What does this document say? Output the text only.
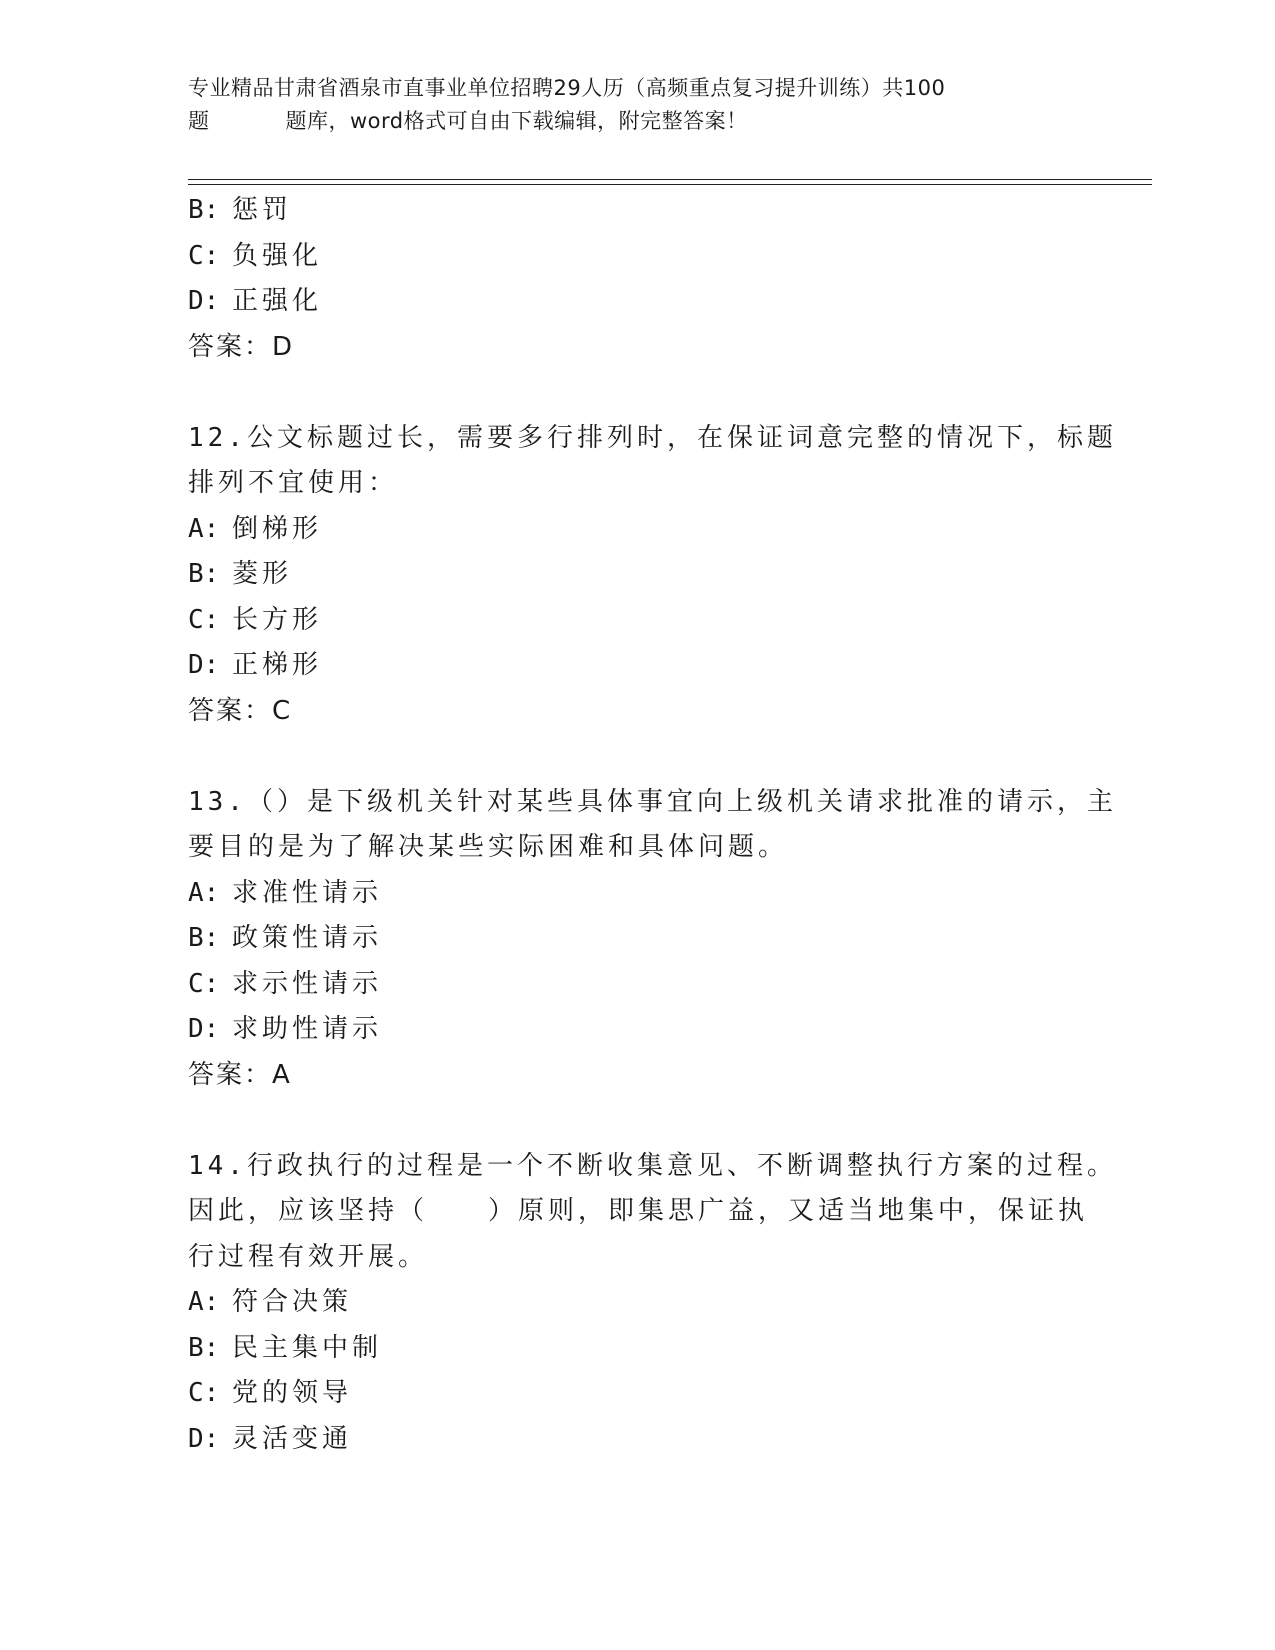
专业精品甘肃省酒泉市直事业单位招聘29人历（高频重点复习提升训练）共100
题	题库，word格式可自由下载编辑，附完整答案！
B: 惩罚
C: 负强化
D: 正强化
答案：D
12.公文标题过长，需要多行排列时，在保证词意完整的情况下，标题
排列不宜使用：
A: 倒梯形
B: 菱形
C: 长方形
D: 正梯形
答案：C
13.（）是下级机关针对某些具体事宜向上级机关请求批准的请示，主
要目的是为了解决某些实际困难和具体问题。
A: 求准性请示
B: 政策性请示
C: 求示性请示
D: 求助性请示
答案：A
14.行政执行的过程是一个不断收集意见、不断调整执行方案的过程。
因此，应该坚持（　　）原则，即集思广益，又适当地集中，保证执
行过程有效开展。
A: 符合决策
B: 民主集中制
C: 党的领导
D: 灵活变通
